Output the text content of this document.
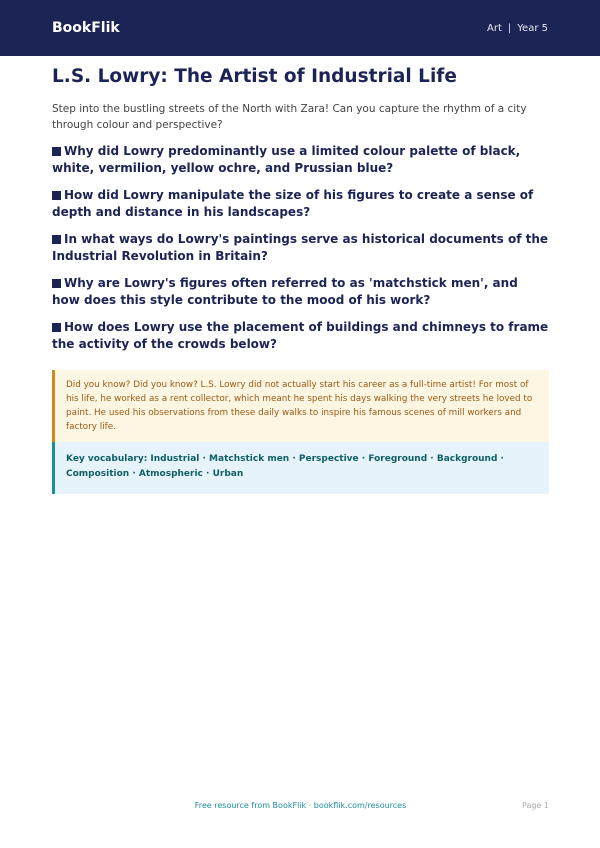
BookFlik	Art | Year 5
L.S. Lowry: The Artist of Industrial Life

Step into the bustling streets of the North with Zara! Can you capture the rhythm of a city through colour and perspective?

Why did Lowry predominantly use a limited colour palette of black, white, vermilion, yellow ochre, and Prussian blue?
How did Lowry manipulate the size of his figures to create a sense of depth and distance in his landscapes?
In what ways do Lowry's paintings serve as historical documents of the Industrial Revolution in Britain?
Why are Lowry's figures often referred to as 'matchstick men', and how does this style contribute to the mood of his work?
How does Lowry use the placement of buildings and chimneys to frame the activity of the crowds below?
Did you know? Did you know? L.S. Lowry did not actually start his career as a full-time artist! For most of his life, he worked as a rent collector, which meant he spent his days walking the very streets he loved to paint. He used his observations from these daily walks to inspire his famous scenes of mill workers and factory life.
Key vocabulary: Industrial · Matchstick men · Perspective · Foreground · Background · Composition · Atmospheric · Urban
Free resource from BookFlik · bookflik.com/resources	Page 1
